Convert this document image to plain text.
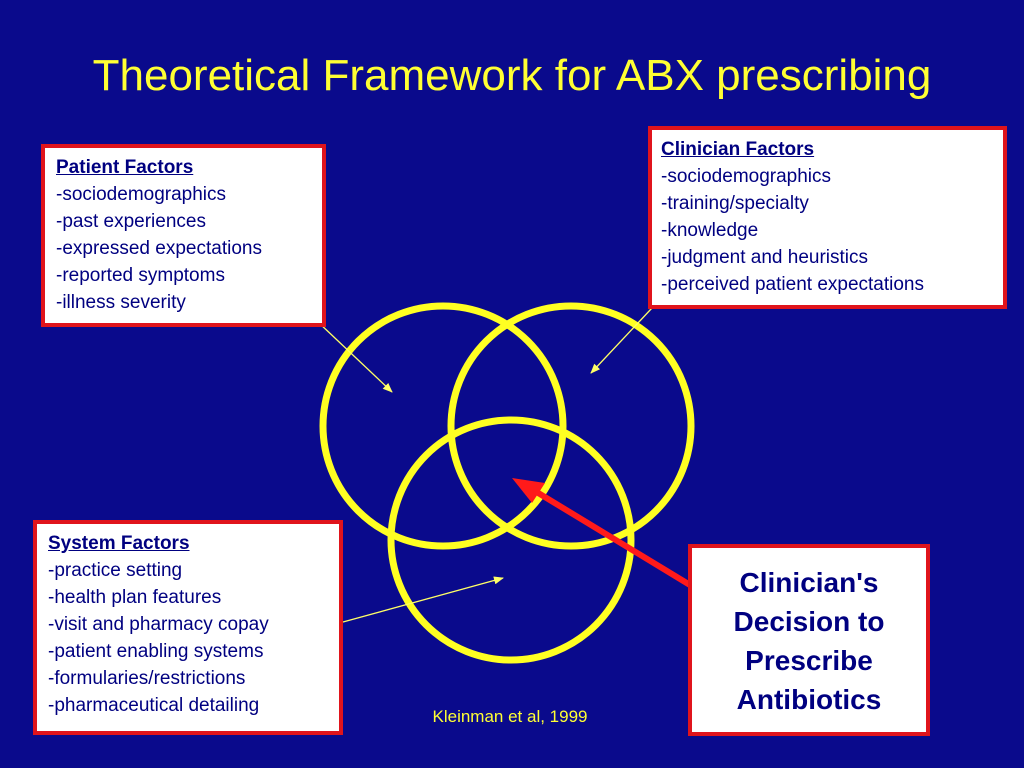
Theoretical Framework for ABX prescribing
Patient Factors
-sociodemographics
-past experiences
-expressed expectations
-reported symptoms
-illness severity
Clinician Factors
-sociodemographics
-training/specialty
-knowledge
-judgment and heuristics
-perceived patient expectations
System Factors
-practice setting
-health plan features
-visit and pharmacy copay
-patient enabling systems
-formularies/restrictions
-pharmaceutical detailing
Clinician's
Decision to
Prescribe
Antibiotics
Kleinman et al, 1999
